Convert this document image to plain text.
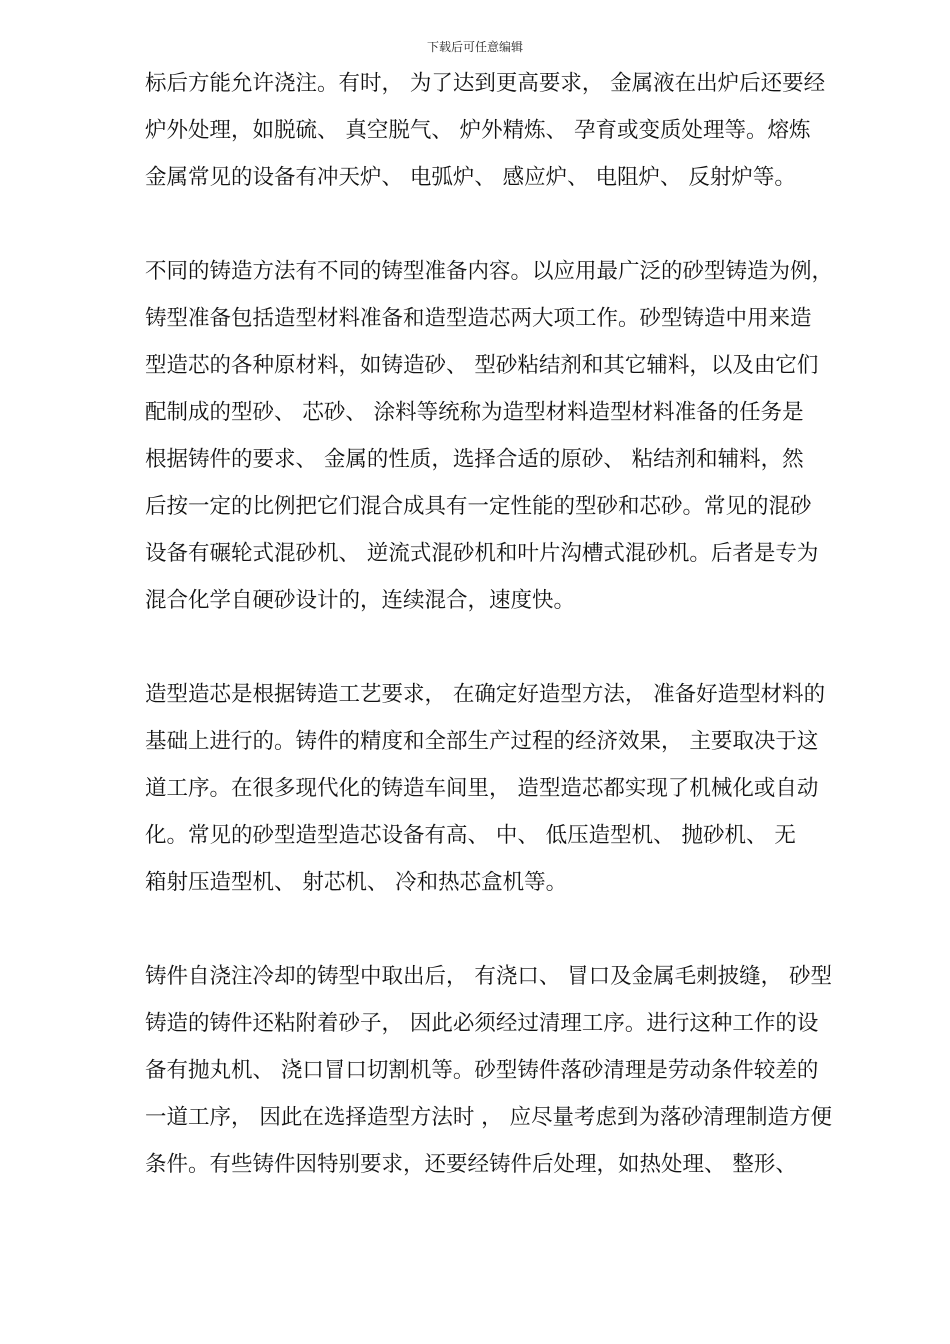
下载后可任意编辑
标后方能允许浇注。有时， 为了达到更高要求， 金属液在出炉后还要经
炉外处理，如脱硫、 真空脱气、 炉外精炼、 孕育或变质处理等。熔炼
金属常见的设备有冲天炉、 电弧炉、 感应炉、 电阻炉、 反射炉等。
不同的铸造方法有不同的铸型准备内容。以应用最广泛的砂型铸造为例，
铸型准备包括造型材料准备和造型造芯两大项工作。砂型铸造中用来造
型造芯的各种原材料，如铸造砂、 型砂粘结剂和其它辅料，以及由它们
配制成的型砂、 芯砂、 涂料等统称为造型材料造型材料准备的任务是
根据铸件的要求、 金属的性质，选择合适的原砂、 粘结剂和辅料，然
后按一定的比例把它们混合成具有一定性能的型砂和芯砂。常见的混砂
设备有碾轮式混砂机、 逆流式混砂机和叶片沟槽式混砂机。后者是专为
混合化学自硬砂设计的，连续混合，速度快。
造型造芯是根据铸造工艺要求， 在确定好造型方法， 准备好造型材料的
基础上进行的。铸件的精度和全部生产过程的经济效果， 主要取决于这
道工序。在很多现代化的铸造车间里， 造型造芯都实现了机械化或自动
化。常见的砂型造型造芯设备有高、 中、 低压造型机、 抛砂机、 无
箱射压造型机、 射芯机、 冷和热芯盒机等。
铸件自浇注冷却的铸型中取出后， 有浇口、 冒口及金属毛刺披缝， 砂型
铸造的铸件还粘附着砂子， 因此必须经过清理工序。进行这种工作的设
备有抛丸机、 浇口冒口切割机等。砂型铸件落砂清理是劳动条件较差的
一道工序， 因此在选择造型方法时 ， 应尽量考虑到为落砂清理制造方便
条件。有些铸件因特别要求，还要经铸件后处理，如热处理、 整形、
